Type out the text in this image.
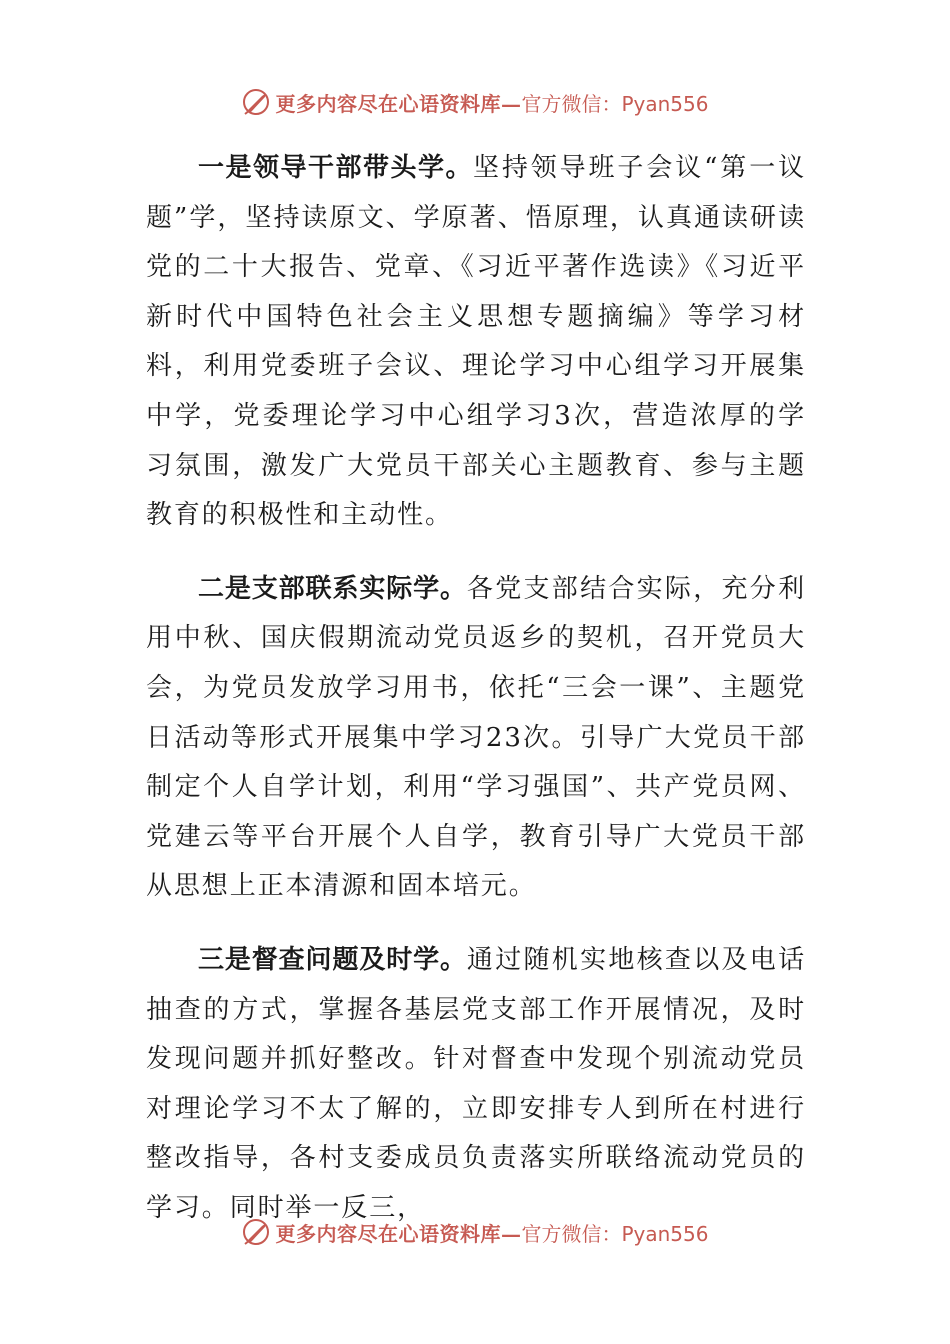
更多内容尽在心语资料库— 官方微信：Pyan556

一是领导干部带头学。坚持领导班子会议“第一议题”学，坚持读原文、学原著、悟原理，认真通读研读党的二十大报告、党章、《习近平著作选读》《习近平新时代中国特色社会主义思想专题摘编》等学习材料，利用党委班子会议、理论学习中心组学习开展集中学，党委理论学习中心组学习3次，营造浓厚的学习氛围，激发广大党员干部关心主题教育、参与主题教育的积极性和主动性。

二是支部联系实际学。各党支部结合实际，充分利用中秋、国庆假期流动党员返乡的契机，召开党员大会，为党员发放学习用书，依托“三会一课”、主题党日活动等形式开展集中学习23次。引导广大党员干部制定个人自学计划，利用“学习强国”、共产党员网、党建云等平台开展个人自学，教育引导广大党员干部从思想上正本清源和固本培元。

三是督查问题及时学。通过随机实地核查以及电话抽查的方式，掌握各基层党支部工作开展情况，及时发现问题并抓好整改。针对督查中发现个别流动党员对理论学习不太了解的，立即安排专人到所在村进行整改指导，各村支委成员负责落实所联络流动党员的学习。同时举一反三，

更多内容尽在心语资料库— 官方微信：Pyan556
